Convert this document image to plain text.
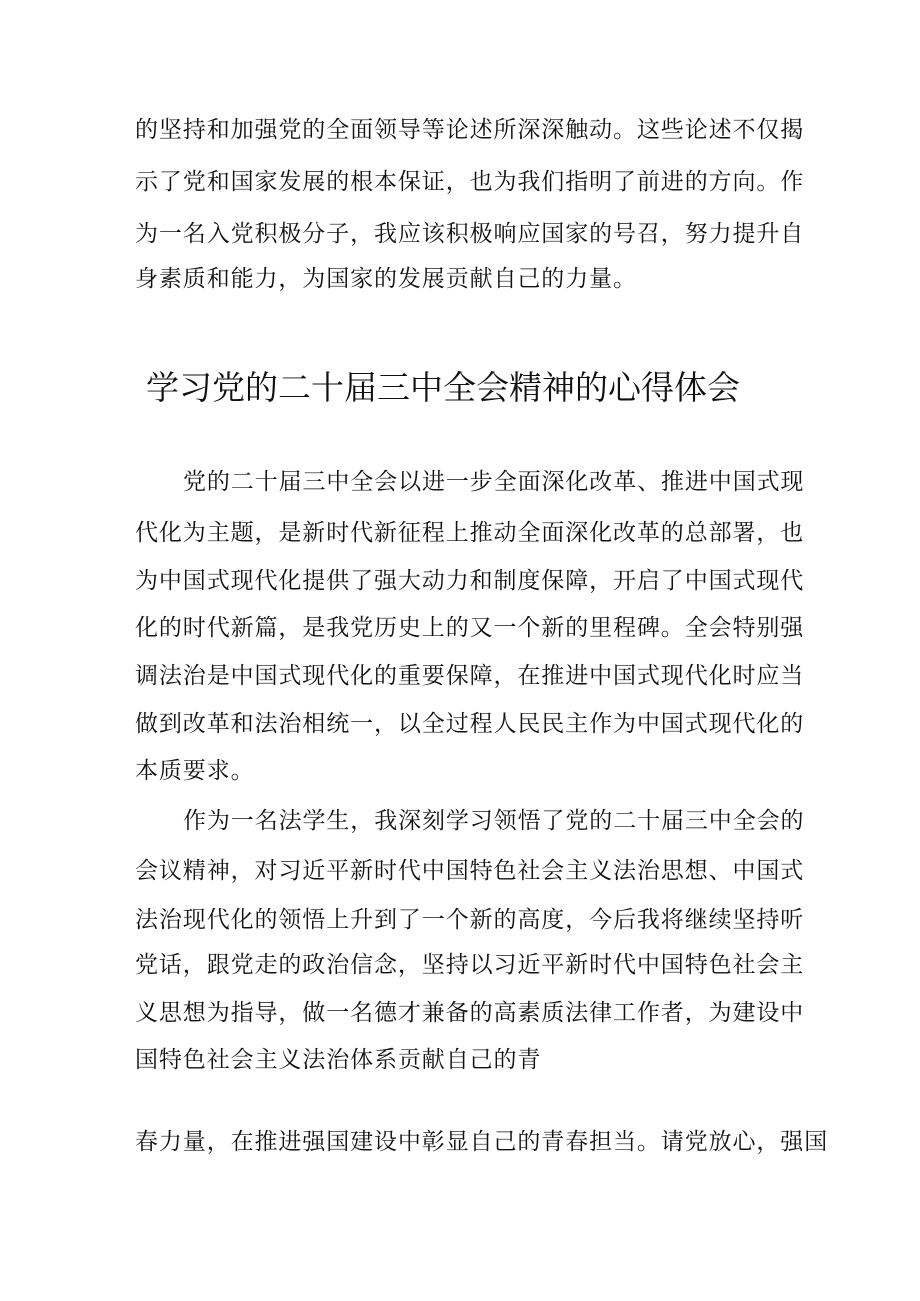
的坚持和加强党的全面领导等论述所深深触动。这些论述不仅揭
示了党和国家发展的根本保证，也为我们指明了前进的方向。作
为一名入党积极分子，我应该积极响应国家的号召，努力提升自
身素质和能力，为国家的发展贡献自己的力量。
学习党的二十届三中全会精神的心得体会
党的二十届三中全会以进一步全面深化改革、推进中国式现
代化为主题，是新时代新征程上推动全面深化改革的总部署，也
为中国式现代化提供了强大动力和制度保障，开启了中国式现代
化的时代新篇，是我党历史上的又一个新的里程碑。全会特别强
调法治是中国式现代化的重要保障，在推进中国式现代化时应当
做到改革和法治相统一，以全过程人民民主作为中国式现代化的
本质要求。
作为一名法学生，我深刻学习领悟了党的二十届三中全会的
会议精神，对习近平新时代中国特色社会主义法治思想、中国式
法治现代化的领悟上升到了一个新的高度，今后我将继续坚持听
党话，跟党走的政治信念，坚持以习近平新时代中国特色社会主
义思想为指导，做一名德才兼备的高素质法律工作者，为建设中
国特色社会主义法治体系贡献自己的青
春力量，在推进强国建设中彰显自己的青春担当。请党放心，强国
